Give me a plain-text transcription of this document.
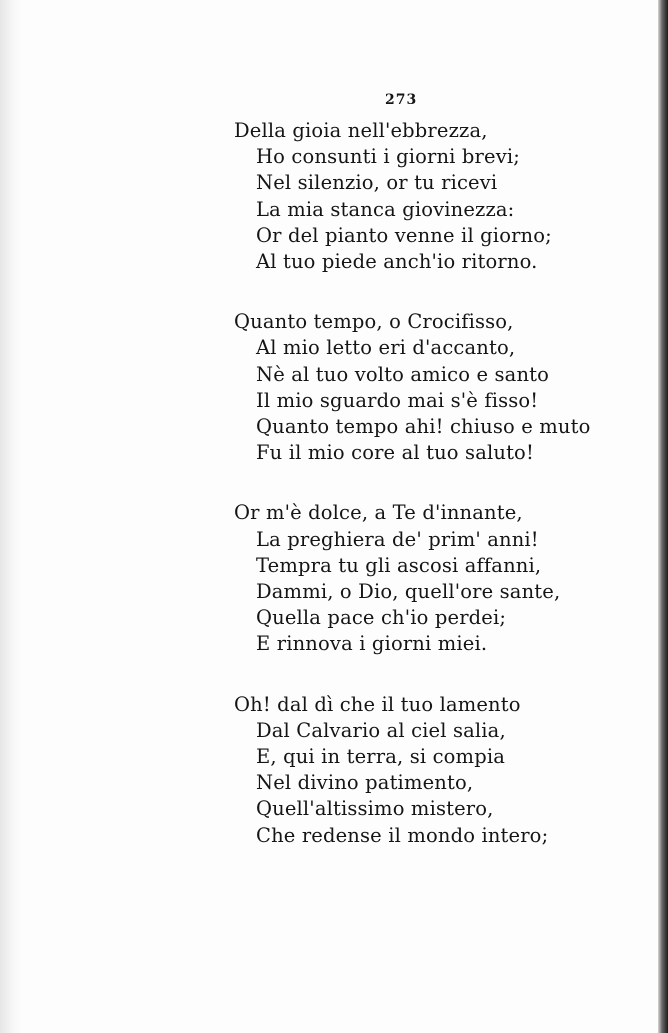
273
Della gioia nell'ebbrezza,
Ho consunti i giorni brevi;
Nel silenzio, or tu ricevi
La mia stanca giovinezza:
Or del pianto venne il giorno;
Al tuo piede anch'io ritorno.
Quanto tempo, o Crocifisso,
Al mio letto eri d'accanto,
Nè al tuo volto amico e santo
Il mio sguardo mai s'è fisso!
Quanto tempo ahi! chiuso e muto
Fu il mio core al tuo saluto!
Or m'è dolce, a Te d'innante,
La preghiera de' prim' anni!
Tempra tu gli ascosi affanni,
Dammi, o Dio, quell'ore sante,
Quella pace ch'io perdei;
E rinnova i giorni miei.
Oh! dal dì che il tuo lamento
Dal Calvario al ciel salia,
E, qui in terra, si compia
Nel divino patimento,
Quell'altissimo mistero,
Che redense il mondo intero;
